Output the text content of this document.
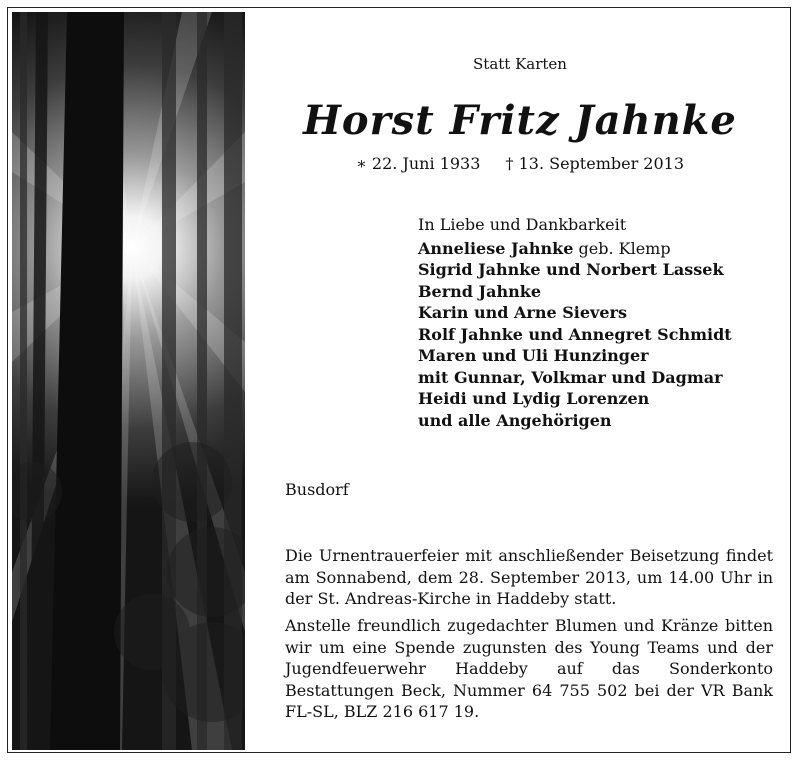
Statt Karten
Horst Fritz Jahnke
∗ 22. Juni 1933 † 13. September 2013
In Liebe und Dankbarkeit
Anneliese Jahnke geb. Klemp
Sigrid Jahnke und Norbert Lassek
Bernd Jahnke
Karin und Arne Sievers
Rolf Jahnke und Annegret Schmidt
Maren und Uli Hunzinger
mit Gunnar, Volkmar und Dagmar
Heidi und Lydig Lorenzen
und alle Angehörigen
Busdorf
Die Urnentrauerfeier mit anschließender Beisetzung findet am Sonnabend, dem 28. September 2013, um 14.00 Uhr in der St. Andreas-Kirche in Haddeby statt.
Anstelle freundlich zugedachter Blumen und Kränze bitten wir um eine Spende zugunsten des Young Teams und der Jugendfeuerwehr Haddeby auf das Sonderkonto Bestattungen Beck, Nummer 64 755 502 bei der VR Bank FL-SL, BLZ 216 617 19.
